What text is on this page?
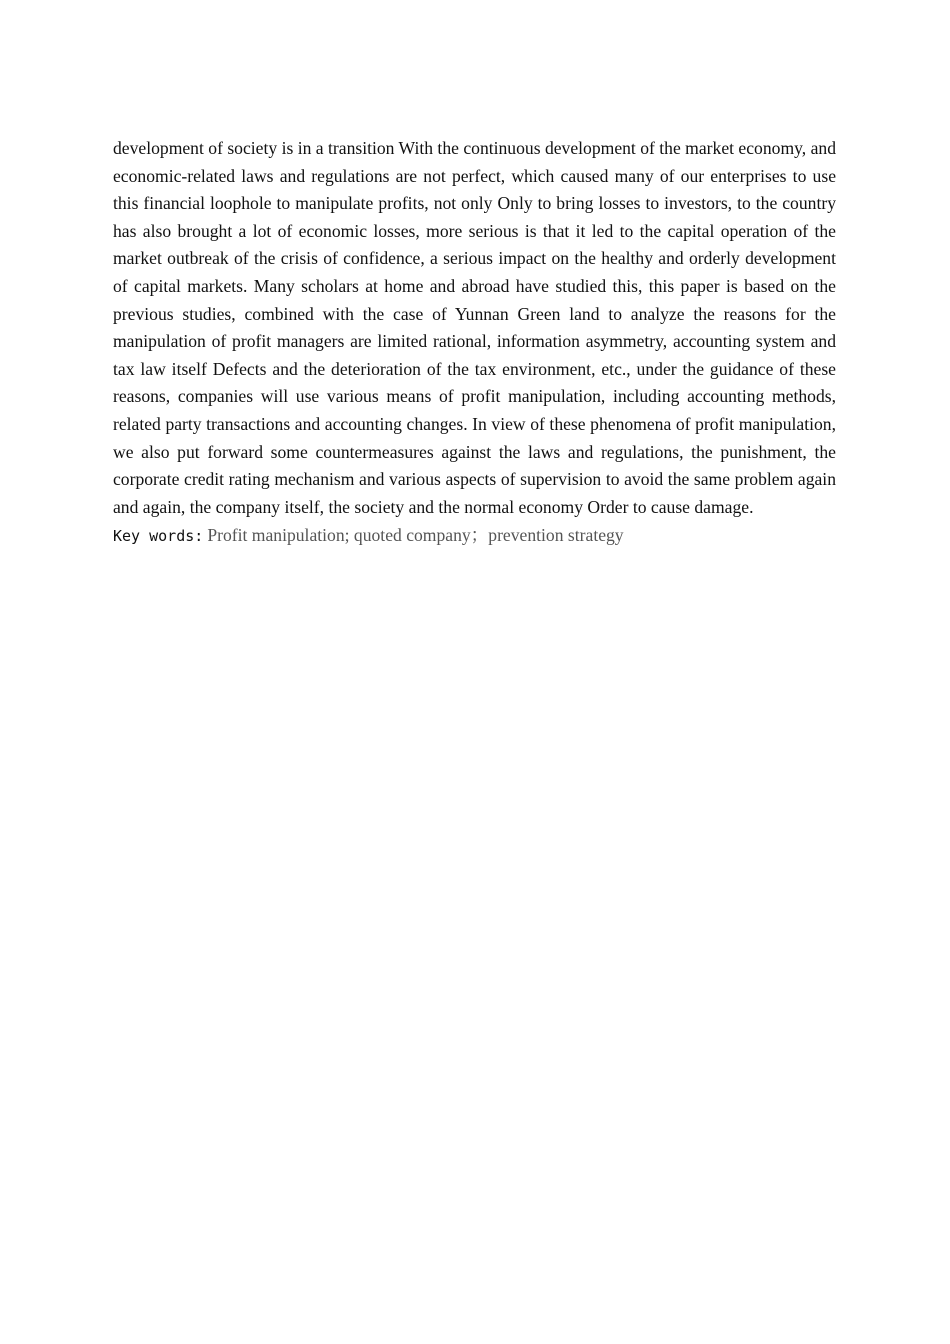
development of society is in a transition With the continuous development of the market economy, and economic-related laws and regulations are not perfect, which caused many of our enterprises to use this financial loophole to manipulate profits, not only Only to bring losses to investors, to the country has also brought a lot of economic losses, more serious is that it led to the capital operation of the market outbreak of the crisis of confidence, a serious impact on the healthy and orderly development of capital markets. Many scholars at home and abroad have studied this, this paper is based on the previous studies, combined with the case of Yunnan Green land to analyze the reasons for the manipulation of profit managers are limited rational, information asymmetry, accounting system and tax law itself Defects and the deterioration of the tax environment, etc., under the guidance of these reasons, companies will use various means of profit manipulation, including accounting methods, related party transactions and accounting changes. In view of these phenomena of profit manipulation, we also put forward some countermeasures against the laws and regulations, the punishment, the corporate credit rating mechanism and various aspects of supervision to avoid the same problem again and again, the company itself, the society and the normal economy Order to cause damage.

Key words: Profit manipulation; quoted company；prevention strategy
